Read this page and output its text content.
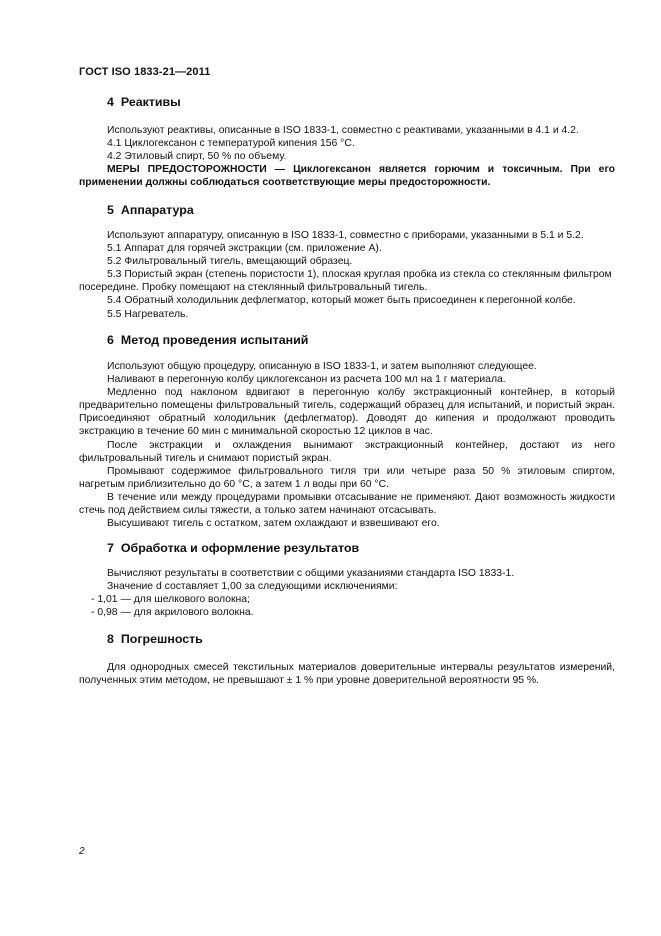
ГОСТ ISO 1833-21—2011
4 Реактивы

Используют реактивы, описанные в ISO 1833-1, совместно с реактивами, указанными в 4.1 и 4.2.

4.1 Циклогексанон с температурой кипения 156 °С.

4.2 Этиловый спирт, 50 % по объему.

МЕРЫ ПРЕДОСТОРОЖНОСТИ — Циклогексанон является горючим и токсичным. При его применении должны соблюдаться соответствующие меры предосторожности.

5 Аппаратура

Используют аппаратуру, описанную в ISO 1833-1, совместно с приборами, указанными в 5.1 и 5.2.

5.1 Аппарат для горячей экстракции (см. приложение А).

5.2 Фильтровальный тигель, вмещающий образец.

5.3 Пористый экран (степень пористости 1), плоская круглая пробка из стекла со стеклянным фильтром посередине. Пробку помещают на стеклянный фильтровальный тигель.

5.4 Обратный холодильник дефлегматор, который может быть присоединен к перегонной колбе.

5.5 Нагреватель.

6 Метод проведения испытаний

Используют общую процедуру, описанную в ISO 1833-1, и затем выполняют следующее.

Наливают в перегонную колбу циклогексанон из расчета 100 мл на 1 г материала.

Медленно под наклоном вдвигают в перегонную колбу экстракционный контейнер, в который предварительно помещены фильтровальный тигель, содержащий образец для испытаний, и пористый экран. Присоединяют обратный холодильник (дефлегматор). Доводят до кипения и продолжают проводить экстракцию в течение 60 мин с минимальной скоростью 12 циклов в час.

После экстракции и охлаждения вынимают экстракционный контейнер, достают из него фильтровальный тигель и снимают пористый экран.

Промывают содержимое фильтровального тигля три или четыре раза 50 % этиловым спиртом, нагретым приблизительно до 60 °С, а затем 1 л воды при 60 °С.

В течение или между процедурами промывки отсасывание не применяют. Дают возможность жидкости стечь под действием силы тяжести, а только затем начинают отсасывать.

Высушивают тигель с остатком, затем охлаждают и взвешивают его.

7 Обработка и оформление результатов

Вычисляют результаты в соответствии с общими указаниями стандарта ISO 1833-1.

Значение d составляет 1,00 за следующими исключениями:

- 1,01 — для шелкового волокна;

- 0,98 — для акрилового волокна.

8 Погрешность

Для однородных смесей текстильных материалов доверительные интервалы результатов измерений, полученных этим методом, не превышают ± 1 % при уровне доверительной вероятности 95 %.

2
